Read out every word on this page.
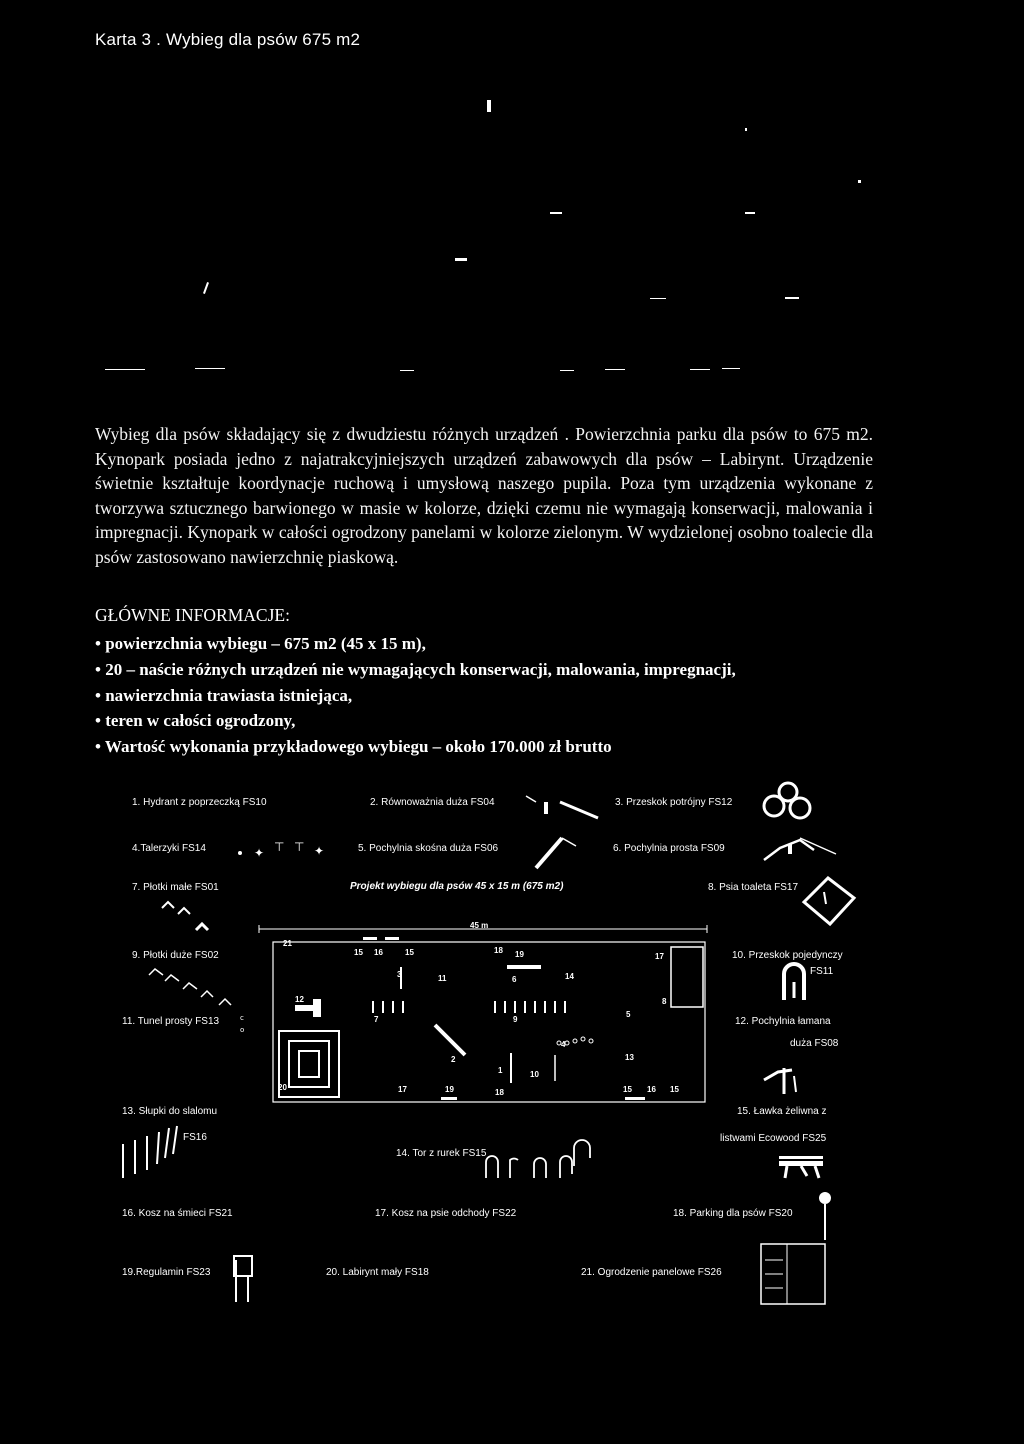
Karta 3 . Wybieg dla psów 675 m2
Wybieg dla psów składający się z dwudziestu różnych urządzeń . Powierzchnia parku dla psów to 675 m2. Kynopark posiada jedno z najatrakcyjniejszych urządzeń zabawowych dla psów – Labirynt. Urządzenie świetnie kształtuje koordynacje ruchową i umysłową naszego pupila. Poza tym urządzenia wykonane z tworzywa sztucznego barwionego w masie w kolorze, dzięki czemu nie wymagają konserwacji, malowania i impregnacji. Kynopark w całości ogrodzony panelami w kolorze zielonym. W wydzielonej osobno toalecie dla psów zastosowano nawierzchnię piaskową.
GŁÓWNE INFORMACJE:
• powierzchnia wybiegu – 675 m2 (45 x 15 m),
• 20 – naście różnych urządzeń nie wymagających konserwacji, malowania, impregnacji,
• nawierzchnia trawiasta istniejąca,
• teren w całości ogrodzony,
• Wartość wykonania przykładowego wybiegu – około 170.000 zł brutto
1. Hydrant z poprzeczką FS10	2. Równoważnia duża FS04	3. Przeskok potrójny FS12
4.Talerzyki FS14	5. Pochylnia skośna duża FS06	6. Pochylnia prosta FS09
7. Płotki małe FS01	Projekt wybiegu dla psów 45 x 15 m (675 m2)	8. Psia toaleta FS17
9. Płotki duże FS02	10. Przeskok pojedynczy
FS11
11. Tunel prosty FS13	12. Pochylnia łamana
duża FS08
13. Słupki do slalomu
FS16
14. Tor z rurek FS15
15. Ławka żeliwna z
listwami Ecowood FS25
16. Kosz na śmieci FS21	17. Kosz na psie odchody FS22	18. Parking dla psów FS20
19.Regulamin FS23	20. Labirynt mały FS18	21. Ogrodzenie panelowe FS26
✦ ⊤ ⊤ ✦
c
o
45 m
21
15 16	15	18 19	17
12
3	11	6	14
8
7	9
5
2
4
13
1	10
20	17	19	18	15 16 15
